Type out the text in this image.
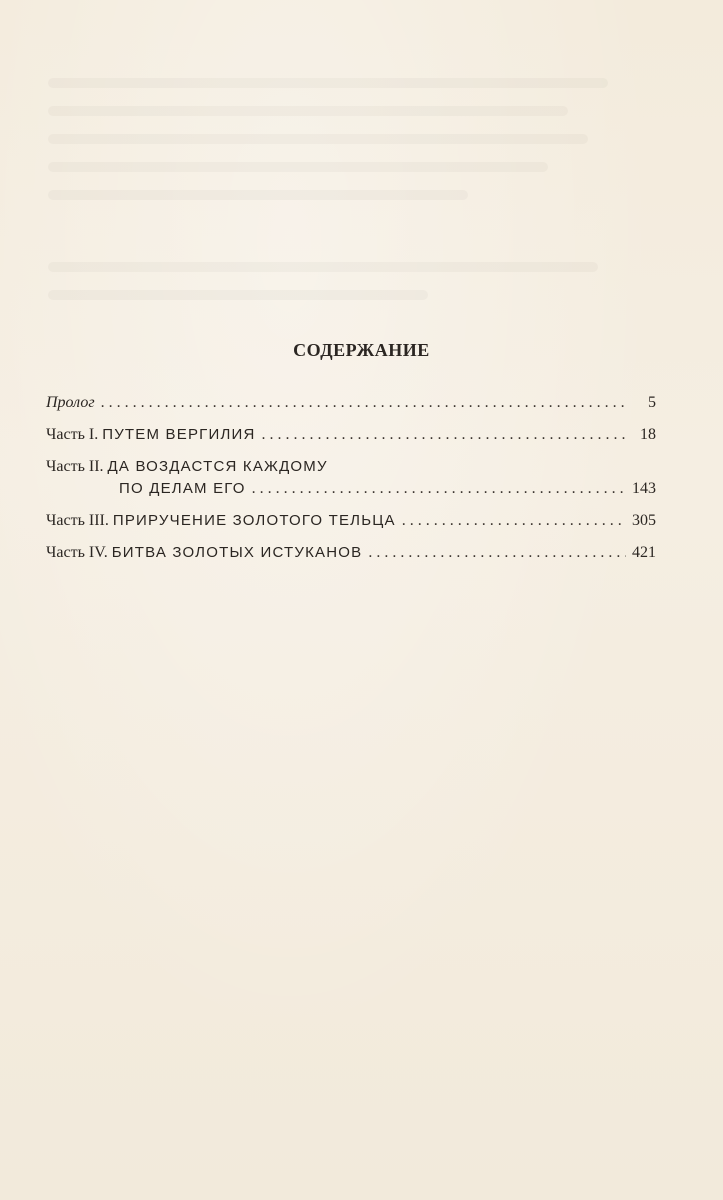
СОДЕРЖАНИЕ
Пролог . . .	5
Часть I. ПУТЕМ ВЕРГИЛИЯ . . .	18
Часть II. ДА ВОЗДАСТСЯ КАЖДОМУ
ПО ДЕЛАМ ЕГО . . .	143
Часть III. ПРИРУЧЕНИЕ ЗОЛОТОГО ТЕЛЬЦА . . .	305
Часть IV. БИТВА ЗОЛОТЫХ ИСТУКАНОВ . . .	421
